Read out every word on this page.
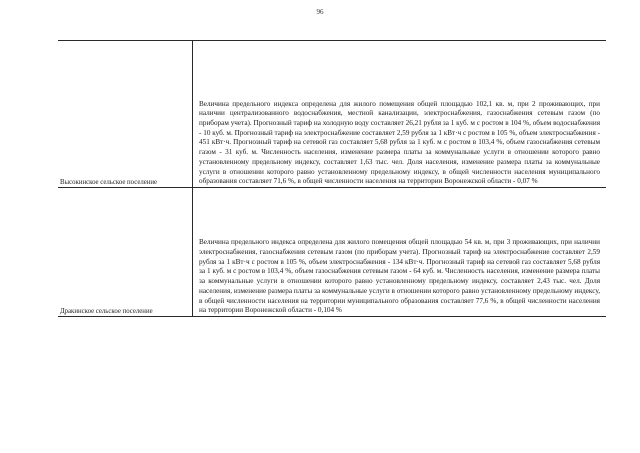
96
Высокинское сельское поселение

Величина предельного индекса определена для жилого помещения общей площадью 102,1 кв. м, при 2 проживающих, при наличии централизованного водоснабжения, местной канализации, электроснабжения, газоснабжения сетевым газом (по приборам учета). Прогнозный тариф на холодную воду составляет 26,21 рубля за 1 куб. м с ростом в 104 %, объем водоснабжения - 10 куб. м. Прогнозный тариф на электроснабжение составляет 2,59 рубля за 1 кВт·ч с ростом в 105 %, объем электроснабжения - 451 кВт·ч. Прогнозный тариф на сетевой газ составляет 5,68 рубля за 1 куб. м с ростом в 103,4 %, объем газоснабжения сетевым газом - 31 куб. м. Численность населения, изменение размера платы за коммунальные услуги в отношении которого равно установленному предельному индексу, составляет 1,63 тыс. чел. Доля населения, изменение размера платы за коммунальные услуги в отношении которого равно установленному предельному индексу, в общей численности населения муниципального образования составляет 71,6 %, в общей численности населения на территории Воронежской области - 0,07 %

Дракинское сельское поселение

Величина предельного индекса определена для жилого помещения общей площадью 54 кв. м, при 3 проживающих, при наличии электроснабжения, газоснабжения сетевым газом (по приборам учета). Прогнозный тариф на электроснабжение составляет 2,59 рубля за 1 кВт·ч с ростом в 105 %, объем электроснабжения - 134 кВт·ч. Прогнозный тариф на сетевой газ составляет 5,68 рубля за 1 куб. м с ростом в 103,4 %, объем газоснабжения сетевым газом - 64 куб. м. Численность населения, изменение размера платы за коммунальные услуги в отношении которого равно установленному предельному индексу, составляет 2,43 тыс. чел. Доля населения, изменение размера платы за коммунальные услуги в отношении которого равно установленному предельному индексу, в общей численности населения на территории муниципального образования составляет 77,6 %, в общей численности населения на территории Воронежской области - 0,104 %
